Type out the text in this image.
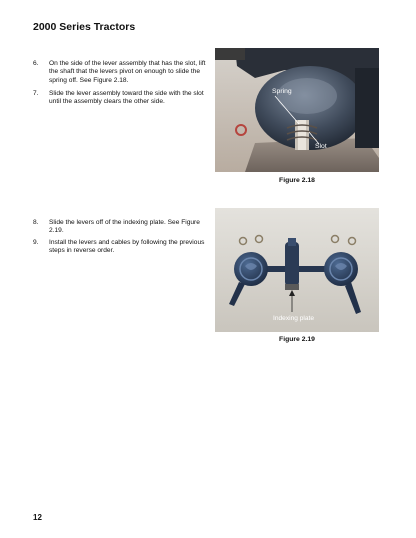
2000 Series Tractors
6. On the side of the lever assembly that has the slot, lift the shaft that the levers pivot on enough to slide the spring off. See Figure 2.18.
7. Slide the lever assembly toward the side with the slot until the assembly clears the other side.
Spring
Slot
Figure 2.18
8. Slide the levers off of the indexing plate. See Figure 2.19.
9. Install the levers and cables by following the previous steps in reverse order.
Indexing plate
Figure 2.19
12
